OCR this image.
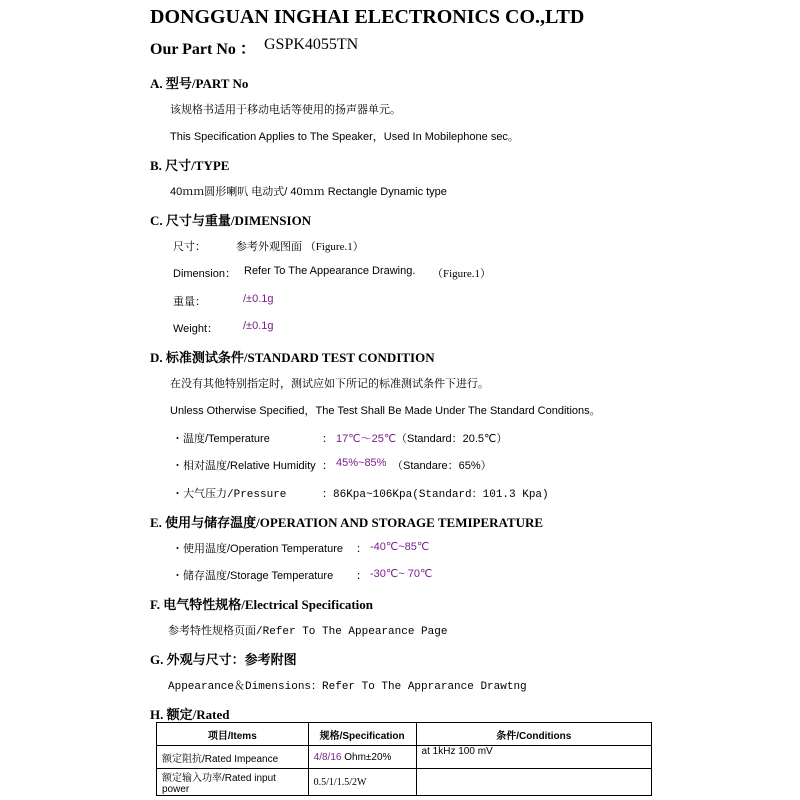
DONGGUAN INGHAI ELECTRONICS CO.,LTD
Our Part No ： GSPK4055TN
A. 型号/PART No
该规格书适用于移动电话等使用的扬声器单元。
This Specification Applies to The Speaker，Used In Mobilephone sec。
B. 尺寸/TYPE
40ｍｍ圆形喇叭 电动式/ 40ｍｍ Rectangle Dynamic type
C. 尺寸与重量/DIMENSION
尺寸：	参考外观图面 （Figure.1）
Dimension： Refer To The Appearance Drawing. （Figure.1）
重量：	/±0.1g
Weight： /±0.1g
D. 标准测试条件/STANDARD TEST CONDITION
在没有其他特别指定时，测试应如下所记的标准测试条件下进行。
Unless Otherwise Specified，The Test Shall Be Made Under The Standard Conditions。
・温度/Temperature	： 17℃～25℃ （Standard：20.5℃）
・相对温度/Relative Humidity ： 45%~85% （Standare：65%）
・大气压力/Pressure	：86Kpa~106Kpa(Standard：101.3 Kpa)
E. 使用与储存温度/OPERATION AND STORAGE TEMIPERATURE
・使用温度/Operation Temperature ： -40℃~85℃
・储存温度/Storage Temperature ： -30℃~ 70℃
F. 电气特性规格/Electrical Specification
参考特性规格页面/Refer To The Appearance Page
G. 外观与尺寸：参考附图
Appearance＆Dimensions：Refer To The Apprarance Drawtng
H. 额定/Rated
项目/Items	规格/Specification	条件/Conditions
额定阻抗/Rated Impeance	4/8/16 Ohm±20%	at 1kHz 100 mV
额定输入功率/Rated input power	0.5/1/1.5/2W	
